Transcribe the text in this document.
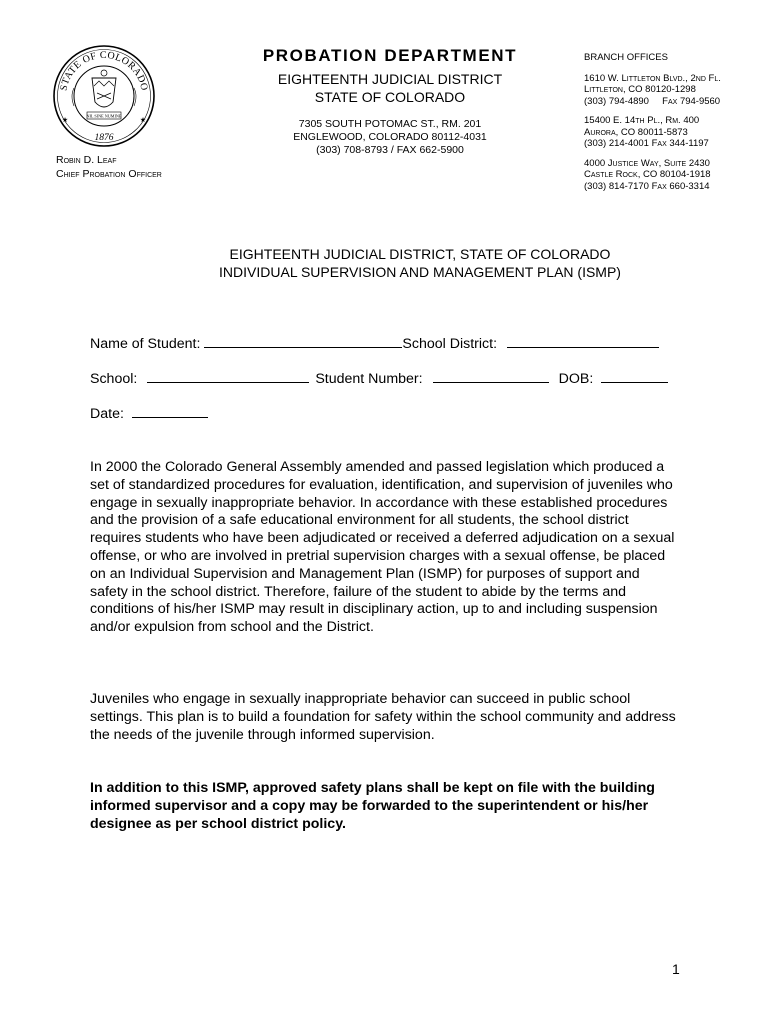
STATE OF COLORADO
1876
★	★
NIL SINE NUMINE
Robin D. Leaf
Chief Probation Officer
PROBATION DEPARTMENT
EIGHTEENTH JUDICIAL DISTRICT
STATE OF COLORADO
7305 SOUTH POTOMAC ST., RM. 201
ENGLEWOOD, COLORADO 80112-4031
(303) 708-8793 / FAX 662-5900
BRANCH OFFICES
1610 W. Littleton Blvd., 2nd Fl.
Littleton, CO 80120-1298
(303) 794-4890     Fax 794-9560
15400 E. 14th Pl., Rm. 400
Aurora, CO 80011-5873
(303) 214-4001 Fax 344-1197
4000 Justice Way, Suite 2430
Castle Rock, CO 80104-1918
(303) 814-7170 Fax 660-3314
EIGHTEENTH JUDICIAL DISTRICT, STATE OF COLORADO
INDIVIDUAL SUPERVISION AND MANAGEMENT PLAN (ISMP)
Name of Student:	School District:
School:	Student Number:	DOB:
Date:

In 2000 the Colorado General Assembly amended and passed legislation which produced a set of standardized procedures for evaluation, identification, and supervision of juveniles who engage in sexually inappropriate behavior. In accordance with these established procedures and the provision of a safe educational environment for all students, the school district requires students who have been adjudicated or received a deferred adjudication on a sexual offense, or who are involved in pretrial supervision charges with a sexual offense, be placed on an Individual Supervision and Management Plan (ISMP) for purposes of support and safety in the school district. Therefore, failure of the student to abide by the terms and conditions of his/her ISMP may result in disciplinary action, up to and including suspension and/or expulsion from school and the District.

Juveniles who engage in sexually inappropriate behavior can succeed in public school settings. This plan is to build a foundation for safety within the school community and address the needs of the juvenile through informed supervision.

In addition to this ISMP, approved safety plans shall be kept on file with the building informed supervisor and a copy may be forwarded to the superintendent or his/her designee as per school district policy.

1
